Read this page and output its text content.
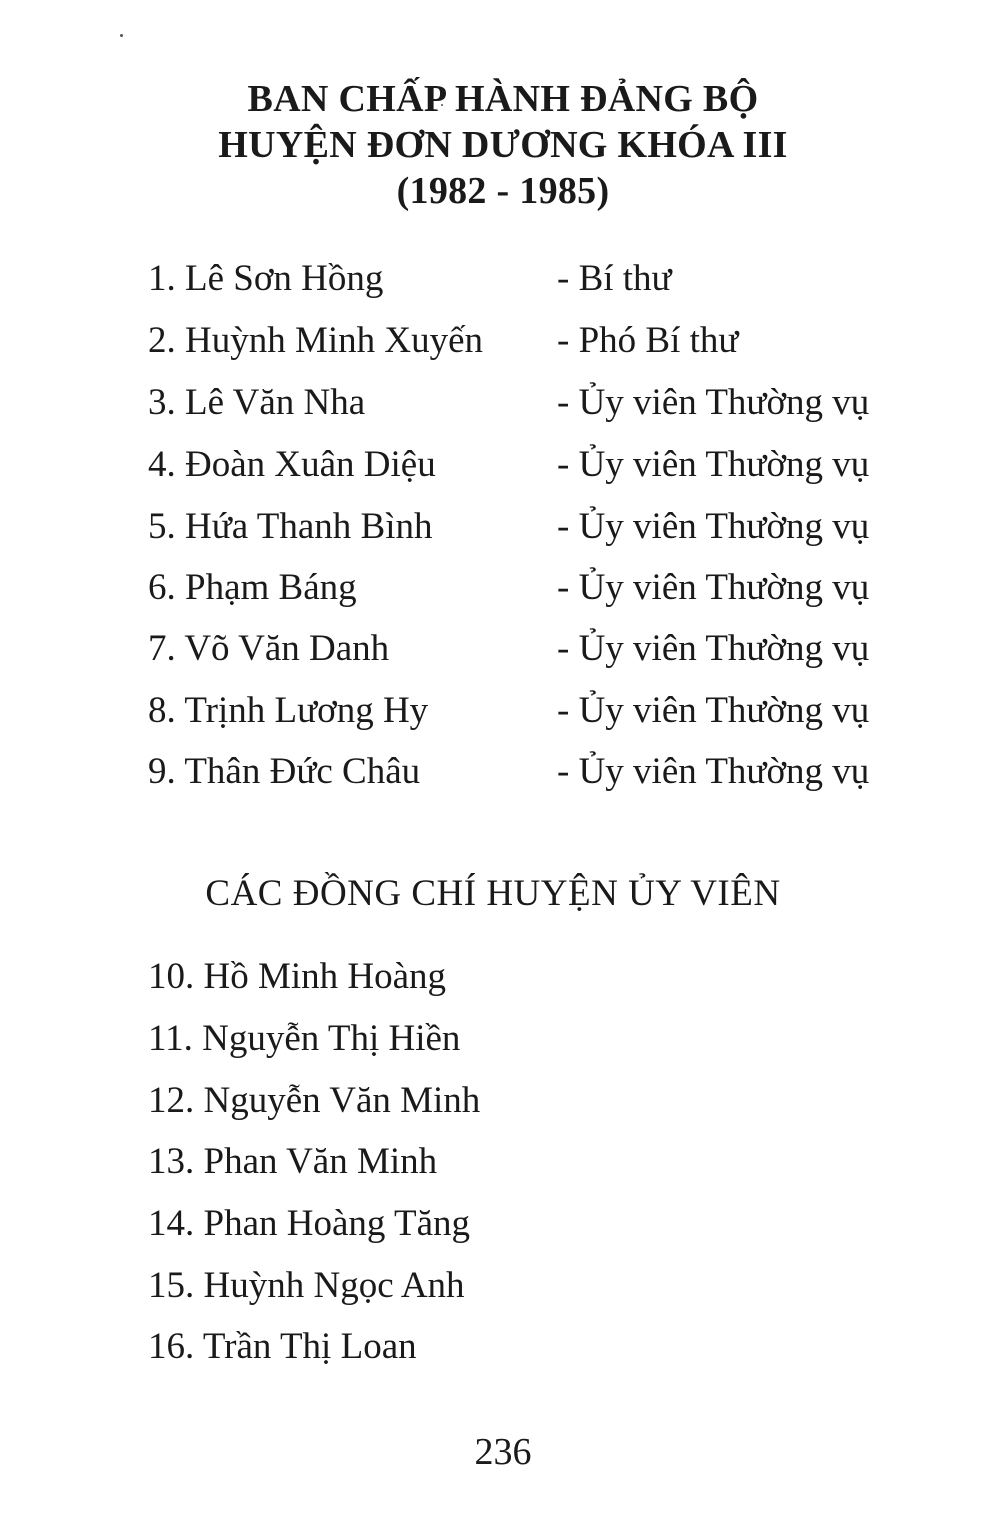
BAN CHẤP HÀNH ĐẢNG BỘ
HUYỆN ĐƠN DƯƠNG KHÓA III
(1982 - 1985)
1. Lê Sơn Hồng	- Bí thư
2. Huỳnh Minh Xuyến - Phó Bí thư
3. Lê Văn Nha	- Ủy viên Thường vụ
4. Đoàn Xuân Diệu	- Ủy viên Thường vụ
5. Hứa Thanh Bình	- Ủy viên Thường vụ
6. Phạm Báng	- Ủy viên Thường vụ
7. Võ Văn Danh	- Ủy viên Thường vụ
8. Trịnh Lương Hy	- Ủy viên Thường vụ
9. Thân Đức Châu	- Ủy viên Thường vụ
CÁC ĐỒNG CHÍ HUYỆN ỦY VIÊN
10. Hồ Minh Hoàng
11. Nguyễn Thị Hiền
12. Nguyễn Văn Minh
13. Phan Văn Minh
14. Phan Hoàng Tăng
15. Huỳnh Ngọc Anh
16. Trần Thị Loan
236
